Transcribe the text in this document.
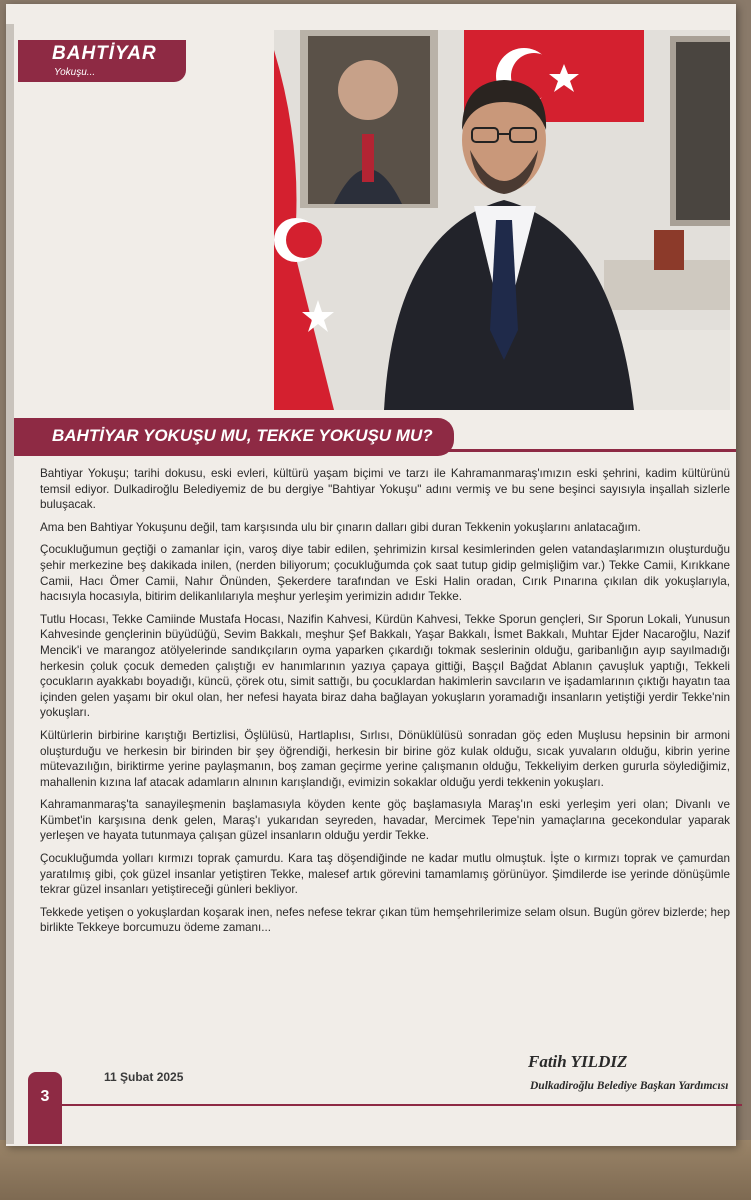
BAHTİYAR
Yokuşu...
BAHTİYAR YOKUŞU MU, TEKKE YOKUŞU MU?

Bahtiyar Yokuşu; tarihi dokusu, eski evleri, kültürü yaşam biçimi ve tarzı ile Kahramanmaraş'ımızın eski şehrini, kadim kültürünü temsil ediyor. Dulkadiroğlu Belediyemiz de bu dergiye "Bahtiyar Yokuşu" adını vermiş ve bu sene beşinci sayısıyla inşallah sizlerle buluşacak.

Ama ben Bahtiyar Yokuşunu değil, tam karşısında ulu bir çınarın dalları gibi duran Tekkenin yokuşlarını anlatacağım.

Çocukluğumun geçtiği o zamanlar için, varoş diye tabir edilen, şehrimizin kırsal kesimlerinden gelen vatandaşlarımızın oluşturduğu şehir merkezine beş dakikada inilen, (nerden biliyorum; çocukluğumda çok saat tutup gidip gelmişliğim var.) Tekke Camii, Kırıkkane Camii, Hacı Ömer Camii, Nahır Önünden, Şekerdere tarafından ve Eski Halin oradan, Cırık Pınarına çıkılan dik yokuşlarıyla, hacısıyla hocasıyla, bitirim delikanlılarıyla meşhur yerleşim yerimizin adıdır Tekke.

Tutlu Hocası, Tekke Camiinde Mustafa Hocası, Nazifin Kahvesi, Kürdün Kahvesi, Tekke Sporun gençleri, Sır Sporun Lokali, Yunusun Kahvesinde gençlerinin büyüdüğü, Sevim Bakkalı, meşhur Şef Bakkalı, Yaşar Bakkalı, İsmet Bakkalı, Muhtar Ejder Nacaroğlu, Nazif Mencik'i ve marangoz atölyelerinde sandıkçıların oyma yaparken çıkardığı tokmak seslerinin olduğu, garibanlığın ayıp sayılmadığı herkesin çoluk çocuk demeden çalıştığı ev hanımlarının yazıya çapaya gittiği, Başçıl Bağdat Ablanın çavuşluk yaptığı, Tekkeli çocukların ayakkabı boyadığı, küncü, çörek otu, simit sattığı, bu çocuklardan hakimlerin savcıların ve işadamlarının çıktığı hayatın taa içinden gelen yaşamı bir okul olan, her nefesi hayata biraz daha bağlayan yokuşların yoramadığı insanların yetiştiği yerdir Tekke'nin yokuşları.

Kültürlerin birbirine karıştığı Bertizlisi, Öşlülüsü, Hartlaplısı, Sırlısı, Dönüklülüsü sonradan göç eden Muşlusu hepsinin bir armoni oluşturduğu ve herkesin bir birinden bir şey öğrendiği, herkesin bir birine göz kulak olduğu, sıcak yuvaların olduğu, kibrin yerine mütevazılığın, biriktirme yerine paylaşmanın, boş zaman geçirme yerine çalışmanın olduğu, Tekkeliyim derken gururla söylediğimiz, mahallenin kızına laf atacak adamların alnının karışlandığı, evimizin sokaklar olduğu yerdi tekkenin yokuşları.

Kahramanmaraş'ta sanayileşmenin başlamasıyla köyden kente göç başlamasıyla Maraş'ın eski yerleşim yeri olan; Divanlı ve Kümbet'in karşısına denk gelen, Maraş'ı yukarıdan seyreden, havadar, Mercimek Tepe'nin yamaçlarına gecekondular yaparak yerleşen ve hayata tutunmaya çalışan güzel insanların olduğu yerdir Tekke.

Çocukluğumda yolları kırmızı toprak çamurdu. Kara taş döşendiğinde ne kadar mutlu olmuştuk. İşte o kırmızı toprak ve çamurdan yaratılmış gibi, çok güzel insanlar yetiştiren Tekke, malesef artık görevini tamamlamış görünüyor. Şimdilerde ise yerinde dönüşümle tekrar güzel insanları yetiştireceği günleri bekliyor.

Tekkede yetişen o yokuşlardan koşarak inen, nefes nefese tekrar çıkan tüm hemşehrilerimize selam olsun. Bugün görev bizlerde; hep birlikte Tekkeye borcumuzu ödeme zamanı...

Fatih YILDIZ
Dulkadiroğlu Belediye Başkan Yardımcısı
11 Şubat 2025
3
